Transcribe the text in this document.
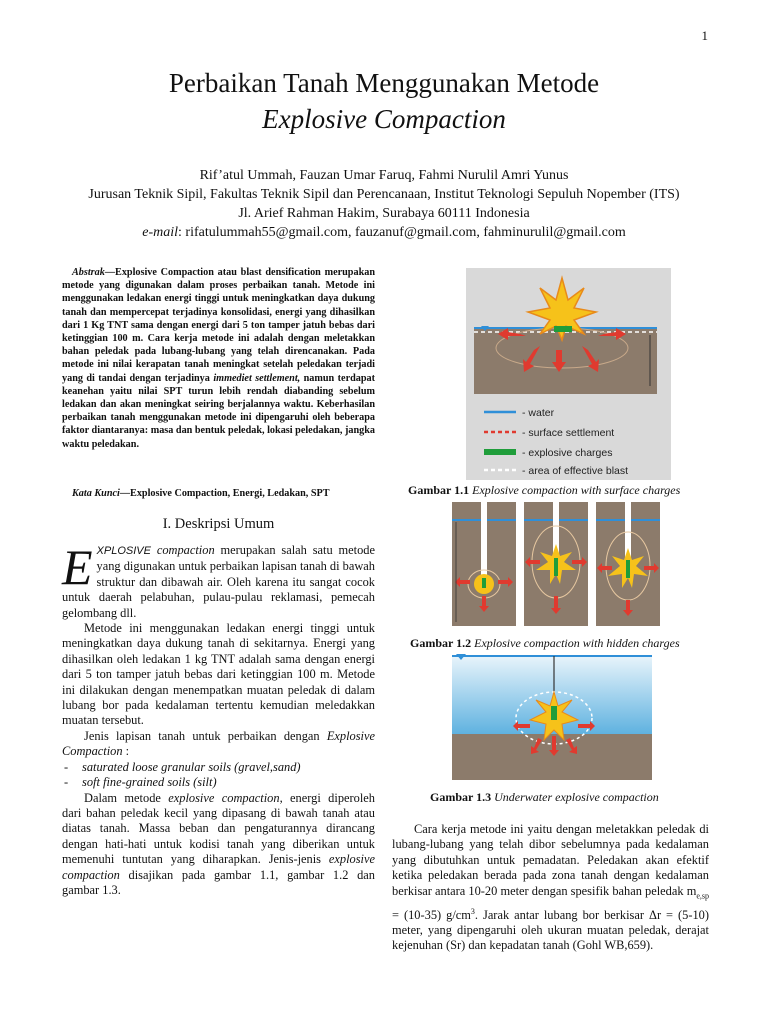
1
Perbaikan Tanah Menggunakan Metode
Explosive Compaction
Rif’atul Ummah, Fauzan Umar Faruq, Fahmi Nurulil Amri Yunus
Jurusan Teknik Sipil, Fakultas Teknik Sipil dan Perencanaan, Institut Teknologi Sepuluh Nopember (ITS)
Jl. Arief Rahman Hakim, Surabaya 60111 Indonesia
e-mail: rifatulummah55@gmail.com, fauzanuf@gmail.com, fahminurulil@gmail.com
Abstrak—Explosive Compaction atau blast densification merupakan metode yang digunakan dalam proses perbaikan tanah. Metode ini menggunakan ledakan energi tinggi untuk meningkatkan daya dukung tanah dan mempercepat terjadinya konsolidasi, energi yang dihasilkan dari 1 Kg TNT sama dengan energi dari 5 ton tamper jatuh bebas dari ketinggian 100 m. Cara kerja metode ini adalah dengan meletakkan bahan peledak pada lubang-lubang yang telah direncanakan. Pada metode ini nilai kerapatan tanah meningkat setelah peledakan terjadi yang di tandai dengan terjadinya immediet settlement, namun terdapat keanehan yaitu nilai SPT turun lebih rendah diabanding sebelum ledakan dan akan meningkat seiring berjalannya waktu. Keberhasilan perbaikan tanah menggunakan metode ini dipengaruhi oleh beberapa faktor diantaranya: masa dan bentuk peledak, lokasi peledakan, jangka waktu peledakan.
Kata Kunci—Explosive Compaction, Energi, Ledakan, SPT
I. Deskripsi Umum

EXPLOSIVE compaction merupakan salah satu metode yang digunakan untuk perbaikan lapisan tanah di bawah struktur dan dibawah air. Oleh karena itu sangat cocok untuk daerah pelabuhan, pulau-pulau reklamasi, pemecah gelombang dll.

Metode ini menggunakan ledakan energi tinggi untuk meningkatkan daya dukung tanah di sekitarnya. Energi yang dihasilkan oleh ledakan 1 kg TNT adalah sama dengan energi dari 5 ton tamper jatuh bebas dari ketinggian 100 m. Metode ini dilakukan dengan menempatkan muatan peledak di dalam lubang bor pada kedalaman tertentu kemudian meledakkan muatan tersebut.

Jenis lapisan tanah untuk perbaikan dengan Explosive Compaction :

- saturated loose granular soils (gravel,sand)
- soft fine-grained soils (silt)

Dalam metode explosive compaction, energi diperoleh dari bahan peledak kecil yang dipasang di bawah tanah atau diatas tanah. Massa beban dan pengaturannya dirancang dengan hati-hati untuk kodisi tanah yang diberikan untuk memenuhi tuntutan yang diharapkan. Jenis-jenis explosive compaction disajikan pada gambar 1.1, gambar 1.2 dan gambar 1.3.

- water
- surface settlement
- explosive charges
- area of effective blast
Gambar 1.1 Explosive compaction with surface charges
Gambar 1.2 Explosive compaction with hidden charges
Gambar 1.3 Underwater explosive compaction

Cara kerja metode ini yaitu dengan meletakkan peledak di lubang-lubang yang telah dibor sebelumnya pada kedalaman yang dibutuhkan untuk pemadatan. Peledakan akan efektif ketika peledakan berada pada zona tanah dengan kedalaman berkisar antara 10-20 meter dengan spesifik bahan peledak $m_{e,sp} = (10-35)$ $g/cm^3$. Jarak antar lubang bor berkisar Δr = (5-10) meter, yang dipengaruhi oleh ukuran muatan peledak, derajat kejenuhan (Sr) dan kepadatan tanah (Gohl WB,659).
